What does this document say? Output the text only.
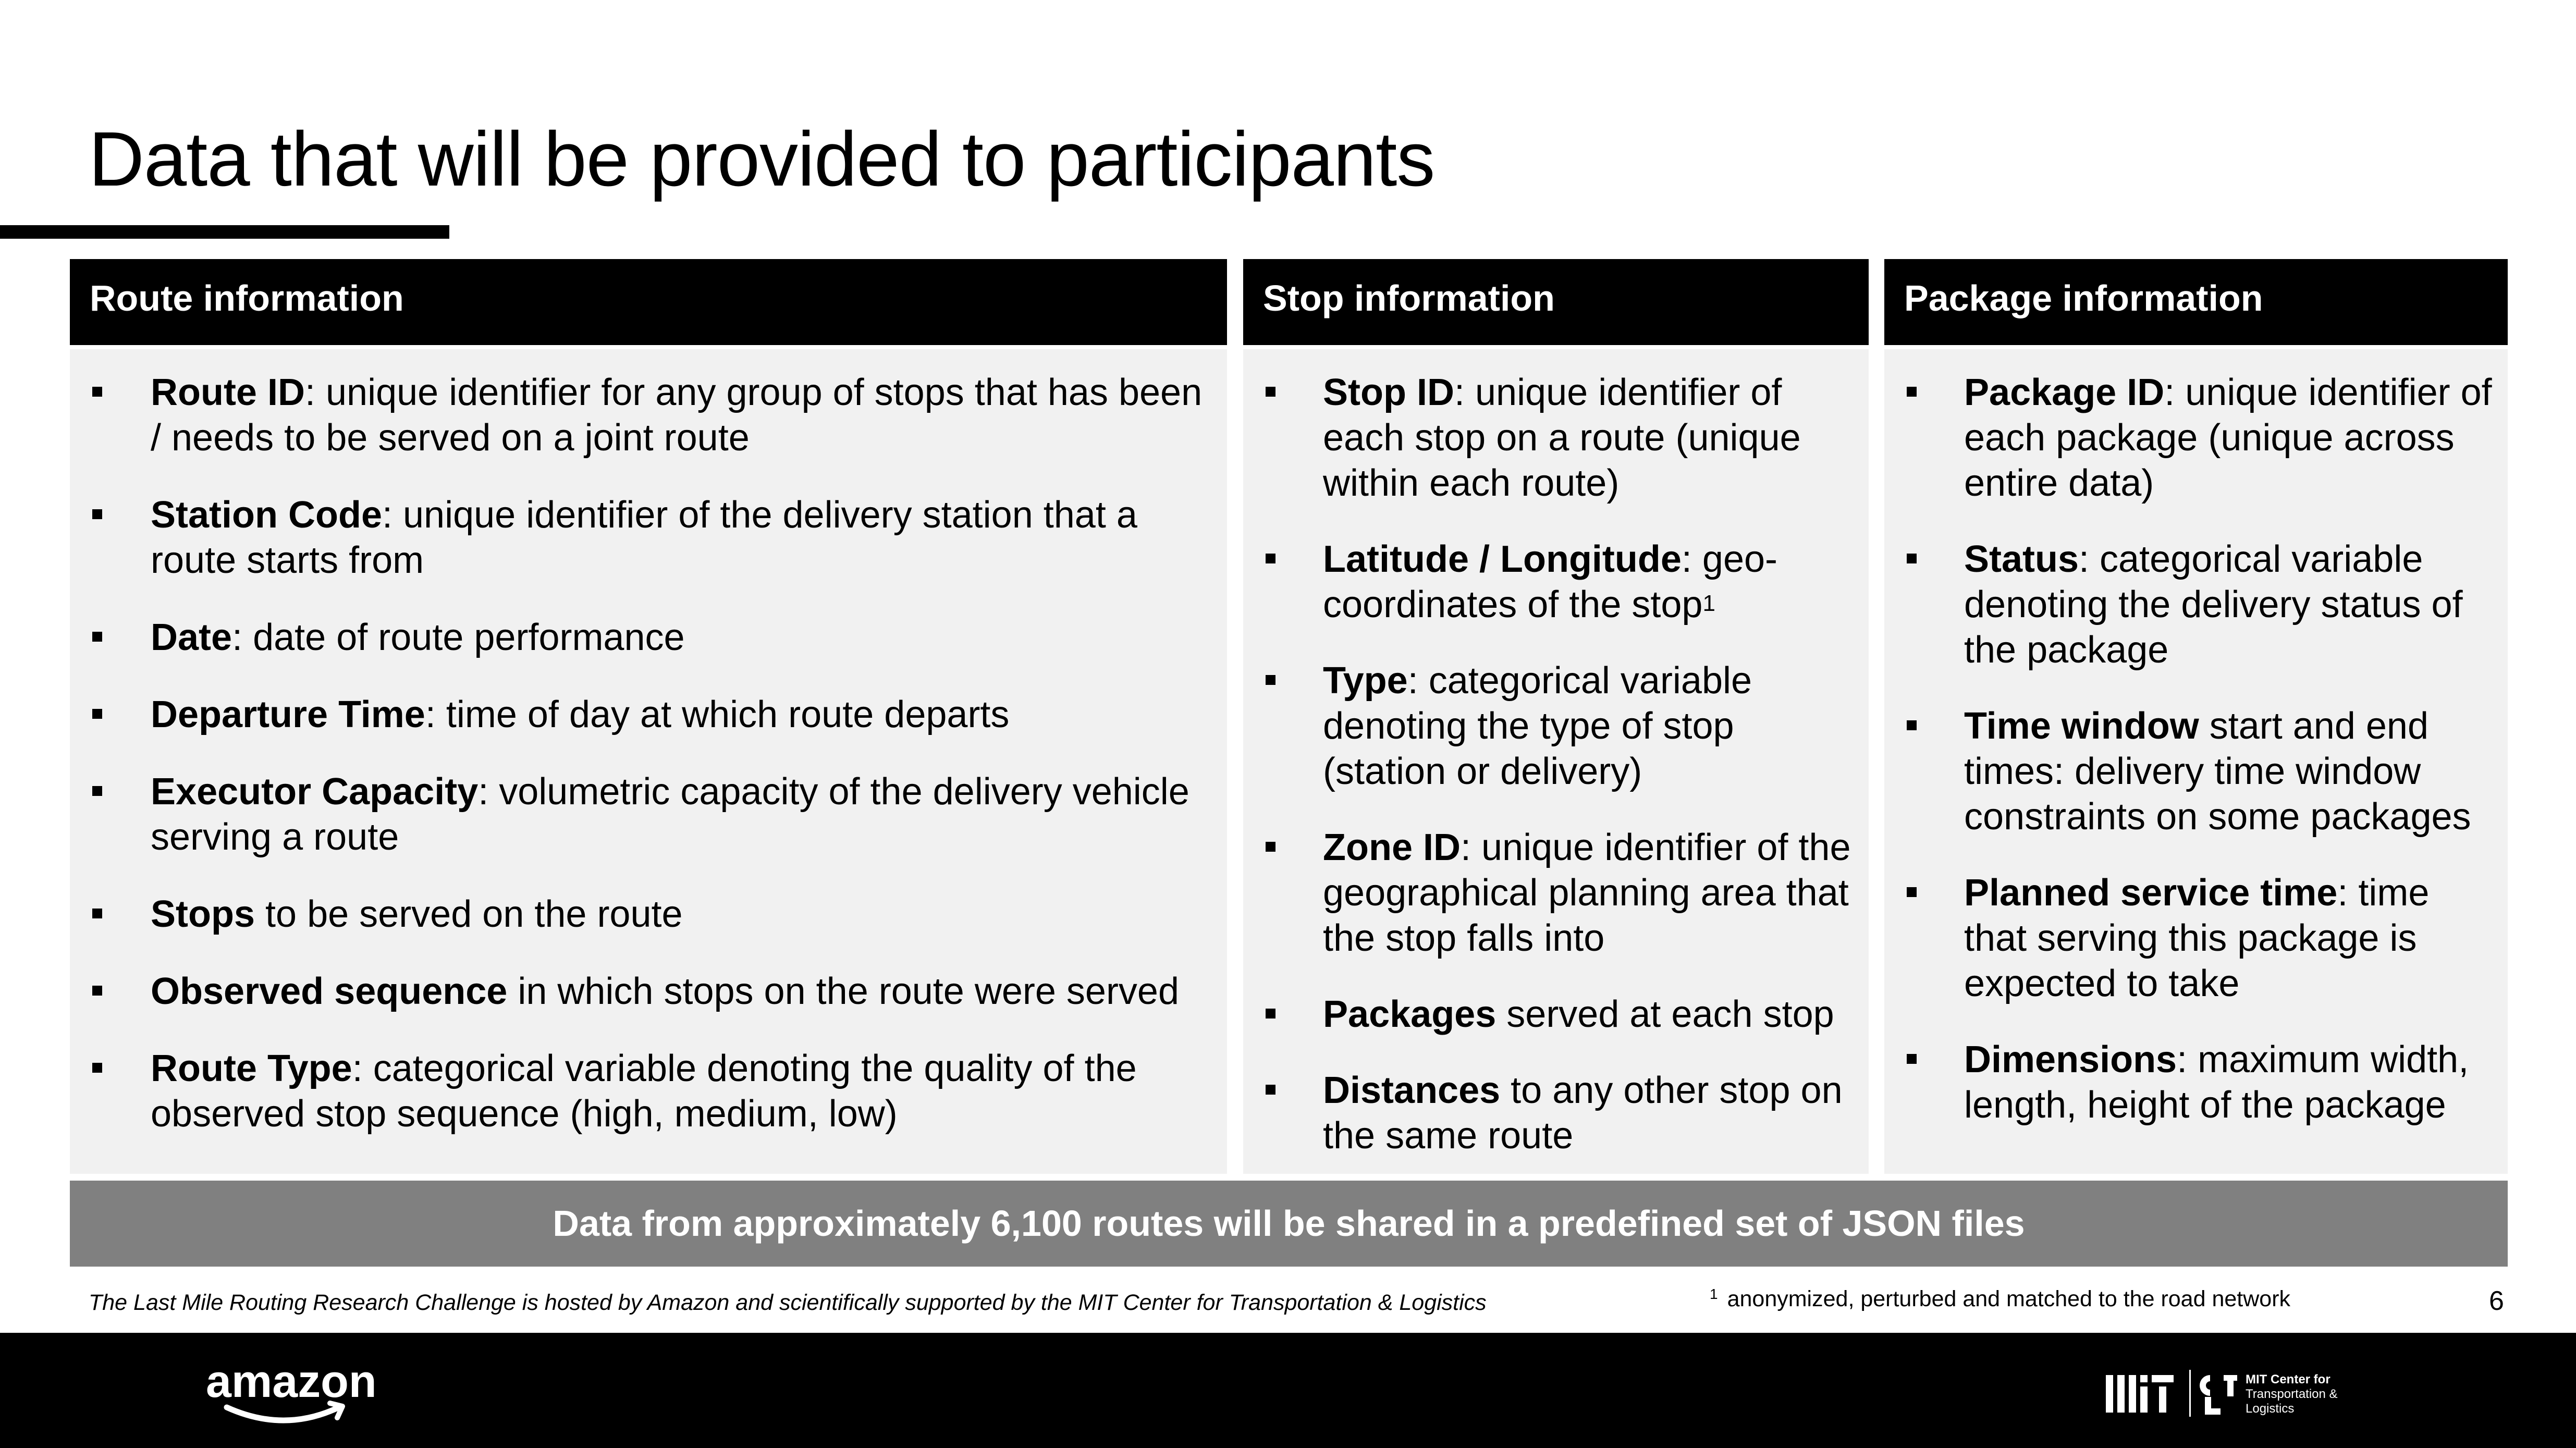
Data that will be provided to participants
Route information
Route ID: unique identifier for any group of stops that has been / needs to be served on a joint route
Station Code: unique identifier of the delivery station that a route starts from
Date: date of route performance
Departure Time: time of day at which route departs
Executor Capacity: volumetric capacity of the delivery vehicle serving a route
Stops to be served on the route
Observed sequence in which stops on the route were served
Route Type: categorical variable denoting the quality of the observed stop sequence (high, medium, low)
Stop information
Stop ID: unique identifier of each stop on a route (unique within each route)
Latitude / Longitude: geo-coordinates of the stop$^1$
Type: categorical variable denoting the type of stop (station or delivery)
Zone ID: unique identifier of the geographical planning area that the stop falls into
Packages served at each stop
Distances to any other stop on the same route
Package information
Package ID: unique identifier of each package (unique across entire data)
Status: categorical variable denoting the delivery status of the package
Time window start and end times: delivery time window constraints on some packages
Planned service time: time that serving this package is expected to take
Dimensions: maximum width, length, height of the package
Data from approximately 6,100 routes will be shared in a predefined set of JSON files
The Last Mile Routing Research Challenge is hosted by Amazon and scientifically supported by the MIT Center for Transportation & Logistics	$^1$ anonymized, perturbed and matched to the road network	6
amazon	MIT Center for
Transportation &
Logistics
